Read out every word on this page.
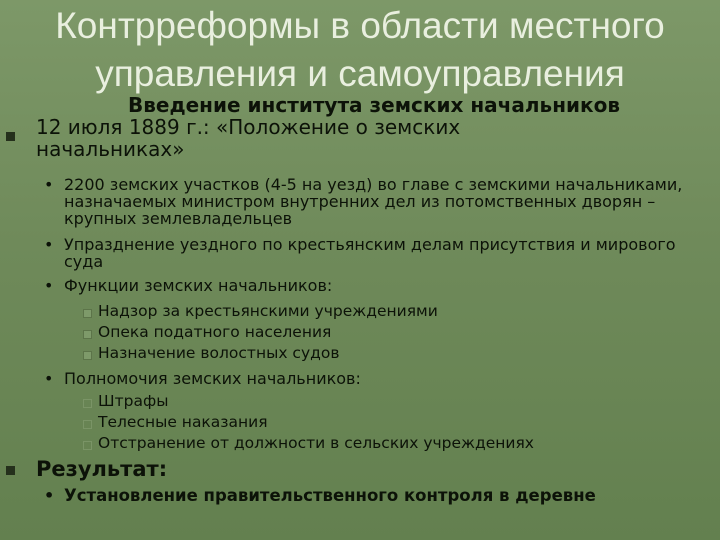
Контрреформы в области местного
управления и самоуправления
Введение института земских начальников
12 июля 1889 г.: «Положение о земских
начальниках»
• 2200 земских участков (4-5 на уезд) во главе с земскими начальниками, назначаемых министром внутренних дел из потомственных дворян – крупных землевладельцев
• Упразднение уездного по крестьянским делам присутствия и мирового суда
• Функции земских начальников:
Надзор за крестьянскими учреждениями
Опека податного населения
Назначение волостных судов
• Полномочия земских начальников:
Штрафы
Телесные наказания
Отстранение от должности в сельских учреждениях
Результат:
• Установление правительственного контроля в деревне
